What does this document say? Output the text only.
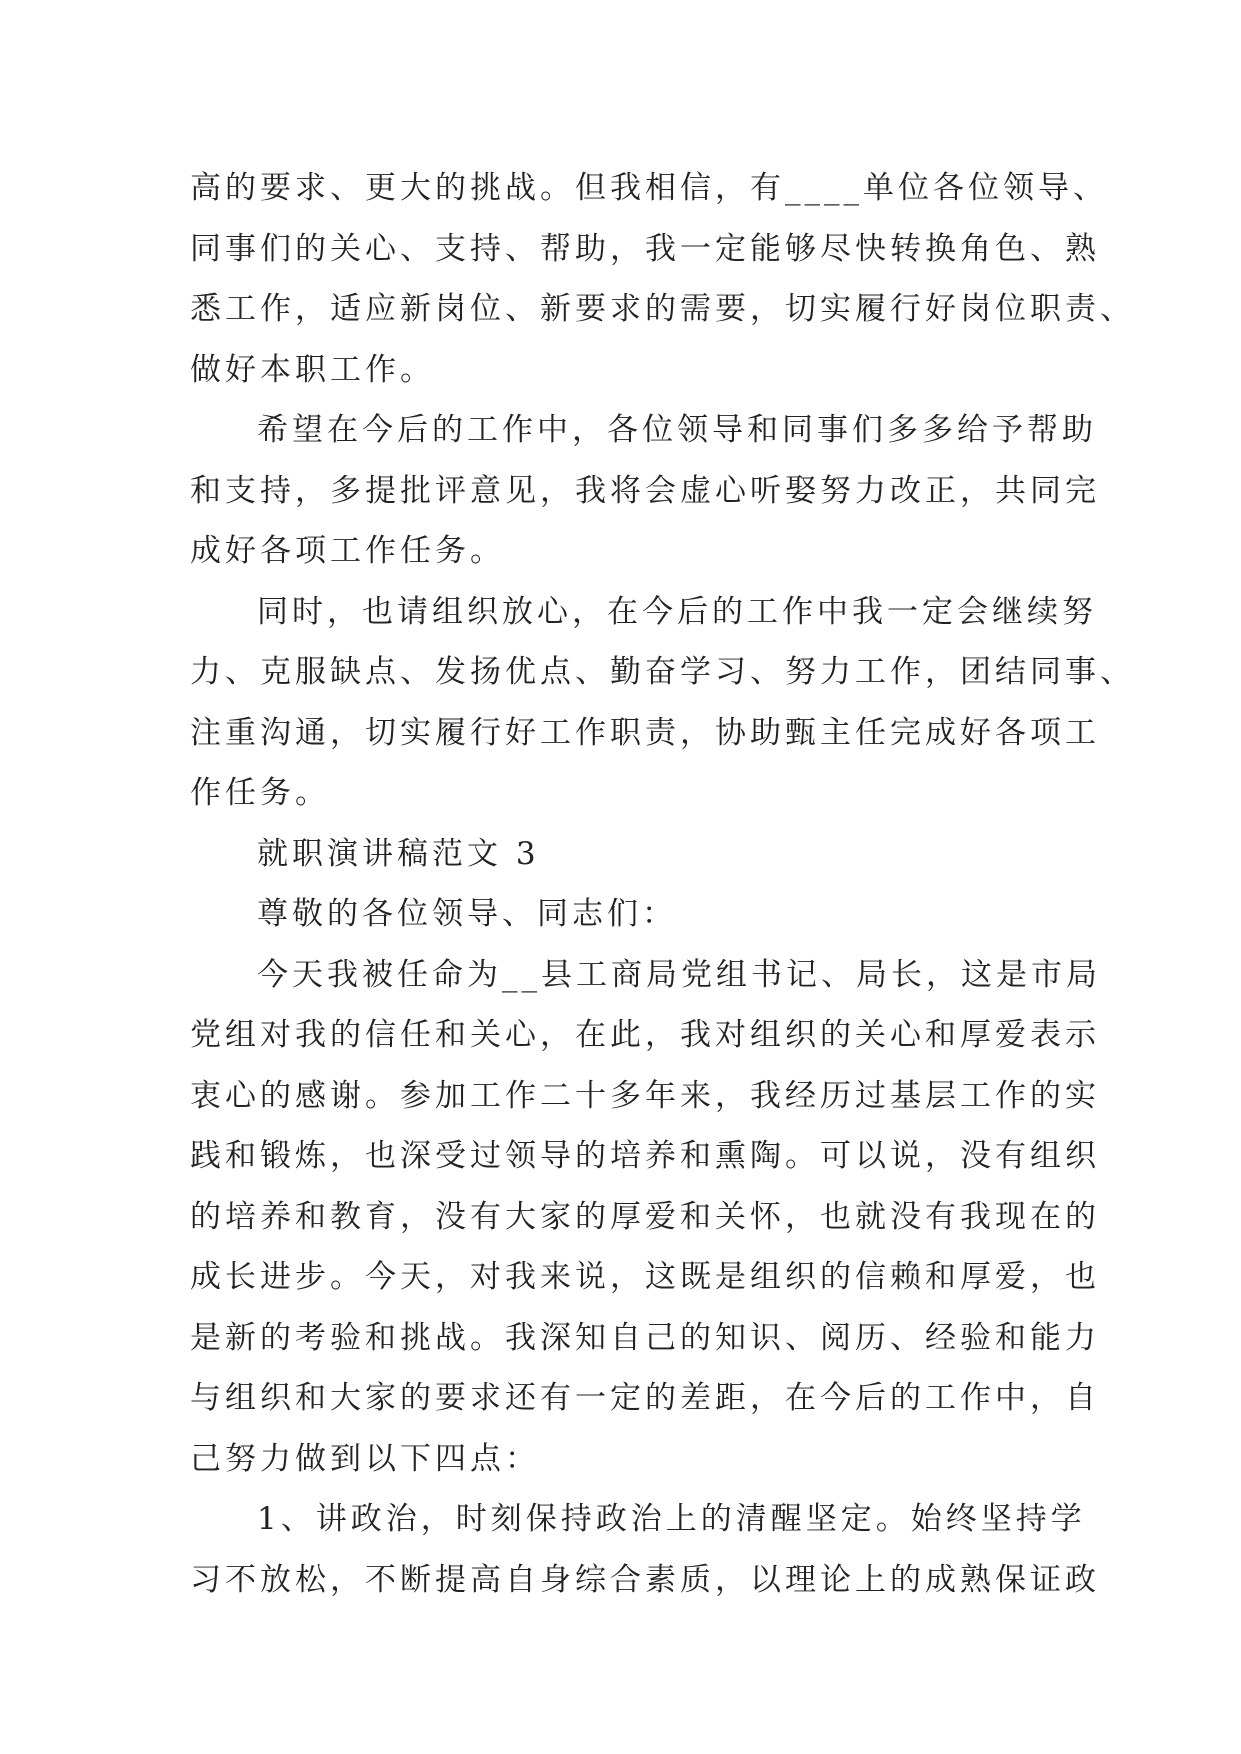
高的要求、更大的挑战。但我相信，有____单位各位领导、
同事们的关心、支持、帮助，我一定能够尽快转换角色、熟
悉工作，适应新岗位、新要求的需要，切实履行好岗位职责、
做好本职工作。
希望在今后的工作中，各位领导和同事们多多给予帮助
和支持，多提批评意见，我将会虚心听娶努力改正，共同完
成好各项工作任务。
同时，也请组织放心，在今后的工作中我一定会继续努
力、克服缺点、发扬优点、勤奋学习、努力工作，团结同事、
注重沟通，切实履行好工作职责，协助甄主任完成好各项工
作任务。
就职演讲稿范文 3
尊敬的各位领导、同志们：
今天我被任命为__县工商局党组书记、局长，这是市局
党组对我的信任和关心，在此，我对组织的关心和厚爱表示
衷心的感谢。参加工作二十多年来，我经历过基层工作的实
践和锻炼，也深受过领导的培养和熏陶。可以说，没有组织
的培养和教育，没有大家的厚爱和关怀，也就没有我现在的
成长进步。今天，对我来说，这既是组织的信赖和厚爱，也
是新的考验和挑战。我深知自己的知识、阅历、经验和能力
与组织和大家的要求还有一定的差距，在今后的工作中，自
己努力做到以下四点：
1、讲政治，时刻保持政治上的清醒坚定。始终坚持学
习不放松，不断提高自身综合素质，以理论上的成熟保证政
